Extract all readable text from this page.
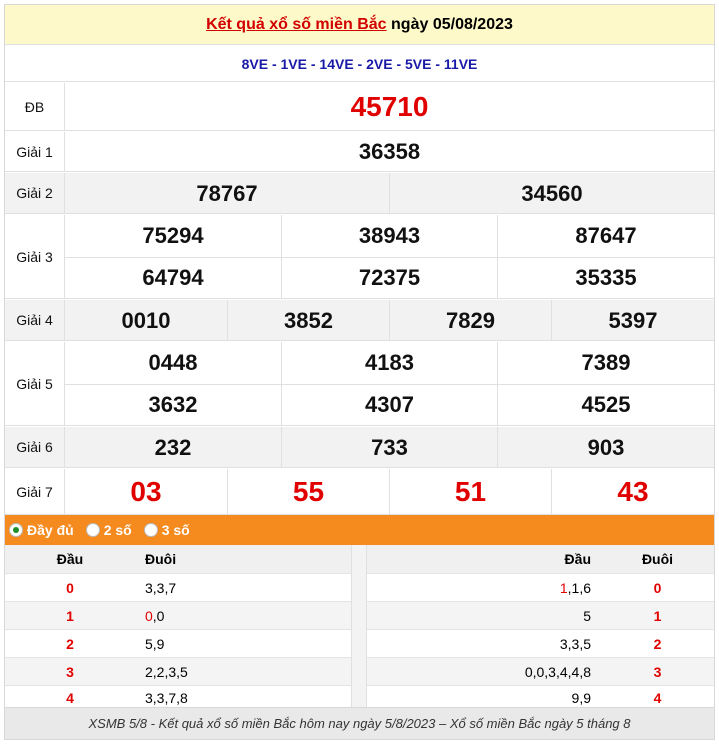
Kết quả xổ số miền Bắc ngày 05/08/2023
8VE - 1VE - 14VE - 2VE - 5VE - 11VE
ĐB	45710
Giải 1	36358
Giải 2	78767	34560
Giải 3
75294	38943	87647
64794	72375	35335
Giải 4	0010	3852	7829	5397
Giải 5
0448	4183	7389
3632	4307	4525
Giải 6	232	733	903
Giải 7	03	55	51	43
Đầy đủ 2 số 3 số
Đầu	Đuôi
0	3,3,7
1	0 ,0
2	5,9
3	2,2,3,5
4	3,3,7,8
Đầu	Đuôi
1 ,1,6	0
5	1
3,3,5	2
0,0,3,4,4,8	3
9,9	4
XSMB 5/8 - Kết quả xổ số miền Bắc hôm nay ngày 5/8/2023 – Xổ số miền Bắc ngày 5 tháng 8
